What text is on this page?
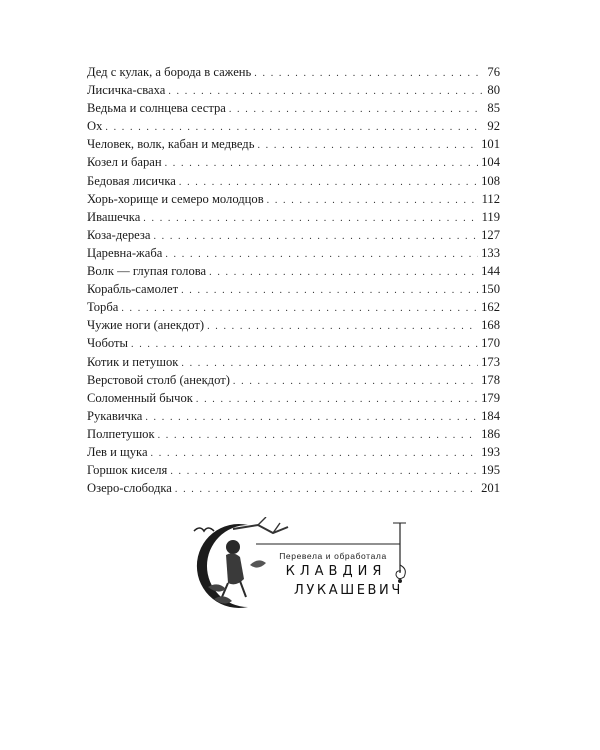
Дед с кулак, а борода в сажень . . .	76
Лисичка-сваха . . .	80
Ведьма и солнцева сестра . . .	85
Ох . . .	92
Человек, волк, кабан и медведь . . .	101
Козел и баран . . .	104
Бедовая лисичка . . .	108
Хорь-хорище и семеро молодцов . . .	112
Ивашечка . . .	119
Коза-дереза . . .	127
Царевна-жаба . . .	133
Волк — глупая голова . . .	144
Корабль-самолет . . .	150
Торба . . .	162
Чужие ноги (анекдот) . . .	168
Чоботы . . .	170
Котик и петушок . . .	173
Верстовой столб (анекдот) . . .	178
Соломенный бычок . . .	179
Рукавичка . . .	184
Полпетушок . . .	186
Лев и щука . . .	193
Горшок киселя . . .	195
Озеро-слободка . . .	201
Перевела и обработала
КЛАВДИЯ
ЛУКАШЕВИЧ
